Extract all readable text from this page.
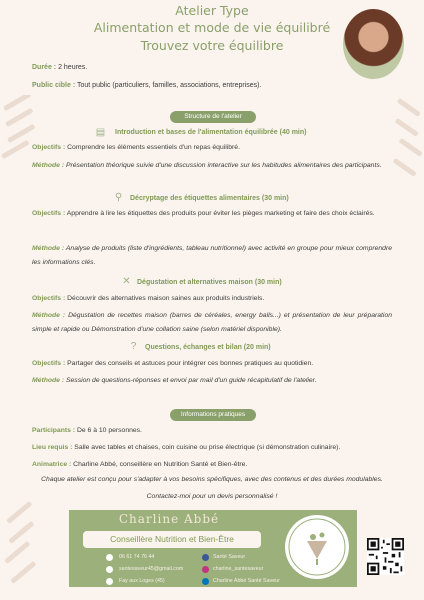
Atelier Type
Alimentation et mode de vie équilibré
Trouvez votre équilibre
Durée : 2 heures.
Public cible : Tout public (particuliers, familles, associations, entreprises).
Structure de l'atelier
▤ Introduction et bases de l'alimentation équilibrée (40 min)
Objectifs : Comprendre les éléments essentiels d'un repas équilibré.
Méthode : Présentation théorique suivie d'une discussion interactive sur les habitudes alimentaires des participants.
⚲ Décryptage des étiquettes alimentaires (30 min)
Objectifs : Apprendre à lire les étiquettes des produits pour éviter les pièges marketing et faire des choix éclairés.
Méthode : Analyse de produits (liste d'ingrédients, tableau nutritionnel) avec activité en groupe pour mieux comprendre les informations clés.
✕ Dégustation et alternatives maison (30 min)
Objectifs : Découvrir des alternatives maison saines aux produits industriels.
Méthode : Dégustation de recettes maison (barres de céréales, energy balls...) et présentation de leur préparation simple et rapide ou Démonstration d'une collation saine (selon matériel disponible).
?	Questions, échanges et bilan (20 min)
Objectifs : Partager des conseils et astuces pour intégrer ces bonnes pratiques au quotidien.
Méthode : Session de questions-réponses et envoi par mail d'un guide récapitulatif de l'atelier.
Informations pratiques
Participants : De 6 à 10 personnes.
Lieu requis : Salle avec tables et chaises, coin cuisine ou prise électrique (si démonstration culinaire).
Animatrice : Charline Abbé, conseillère en Nutrition Santé et Bien-être.
Chaque atelier est conçu pour s'adapter à vos besoins spécifiques, avec des contenus et des durées modulables.
Contactez-moi pour un devis personnalisé !
Charline Abbé
Conseillère Nutrition et Bien-Être
06 61 74 76 44
santesaveur45@gmail.com
Fay aux Loges (45)
Santé Saveur
charline_santesaveur
Charline Abbé Santé Saveur
